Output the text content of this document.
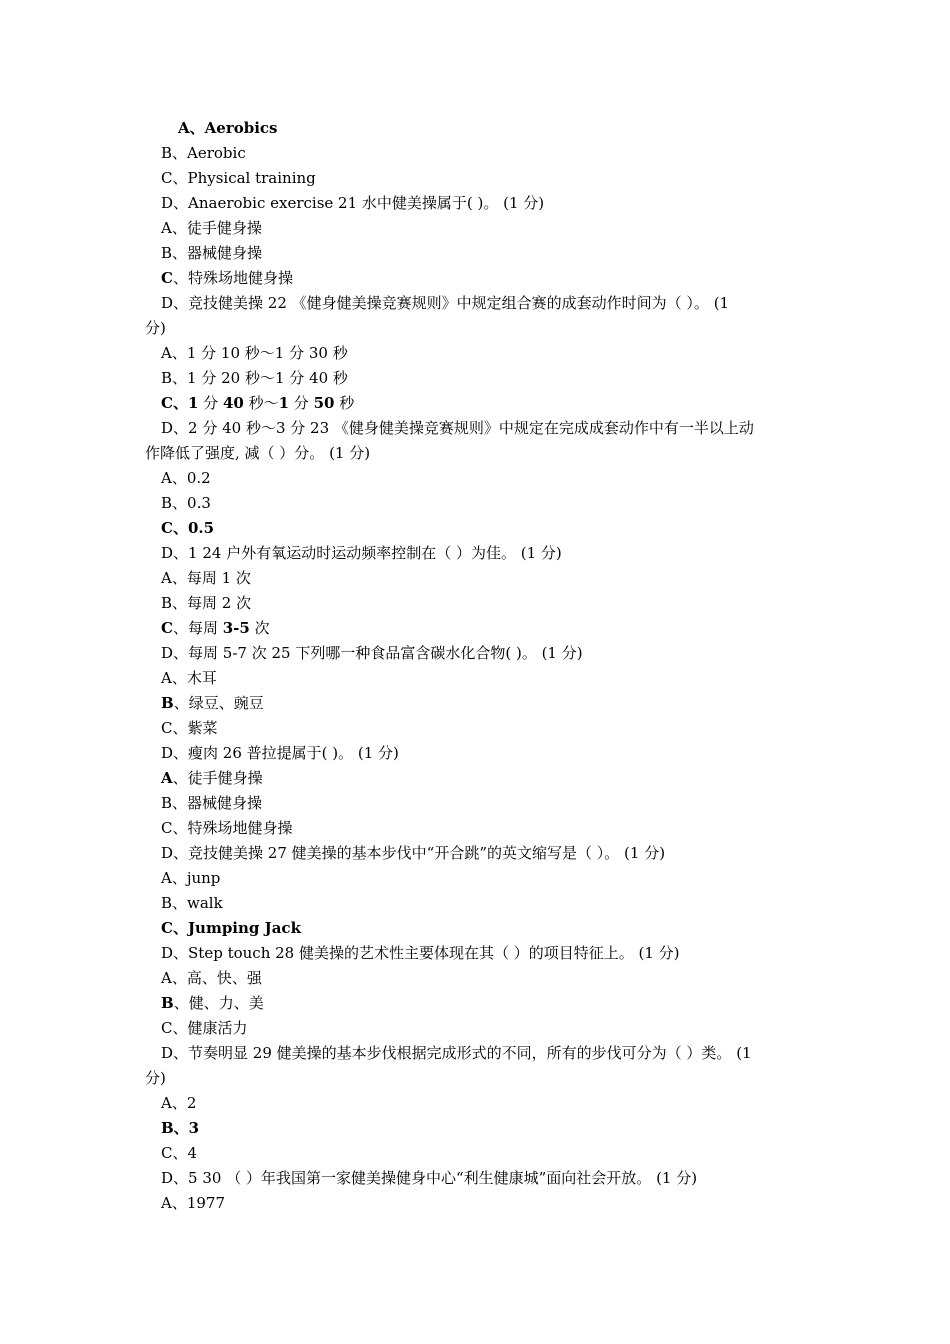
A、Aerobics
B、Aerobic
C、Physical training
D、Anaerobic exercise 21 水中健美操属于( )。 (1 分)
A、徒手健身操
B、器械健身操
C、特殊场地健身操
D、竞技健美操 22 《健身健美操竞赛规则》中规定组合赛的成套动作时间为（ ）。 (1
分)
A、1 分 10 秒～1 分 30 秒
B、1 分 20 秒～1 分 40 秒
C、1 分 40 秒～1 分 50 秒
D、2 分 40 秒～3 分 23 《健身健美操竞赛规则》中规定在完成成套动作中有一半以上动
作降低了强度, 减（ ）分。 (1 分)
A、0.2
B、0.3
C、0.5
D、1 24 户外有氧运动时运动频率控制在（ ）为佳。 (1 分)
A、每周 1 次
B、每周 2 次
C、每周 3-5 次
D、每周 5-7 次 25 下列哪一种食品富含碳水化合物( )。 (1 分)
A、木耳
B、绿豆、豌豆
C、紫菜
D、瘦肉 26 普拉提属于( )。 (1 分)
A、徒手健身操
B、器械健身操
C、特殊场地健身操
D、竞技健美操 27 健美操的基本步伐中“开合跳”的英文缩写是（ ）。 (1 分)
A、junp
B、walk
C、Jumping Jack
D、Step touch 28 健美操的艺术性主要体现在其（ ）的项目特征上。 (1 分)
A、高、快、强
B、健、力、美
C、健康活力
D、节奏明显 29 健美操的基本步伐根据完成形式的不同，所有的步伐可分为（ ）类。 (1
分)
A、2
B、3
C、4
D、5 30 （ ）年我国第一家健美操健身中心“利生健康城”面向社会开放。 (1 分)
A、1977
